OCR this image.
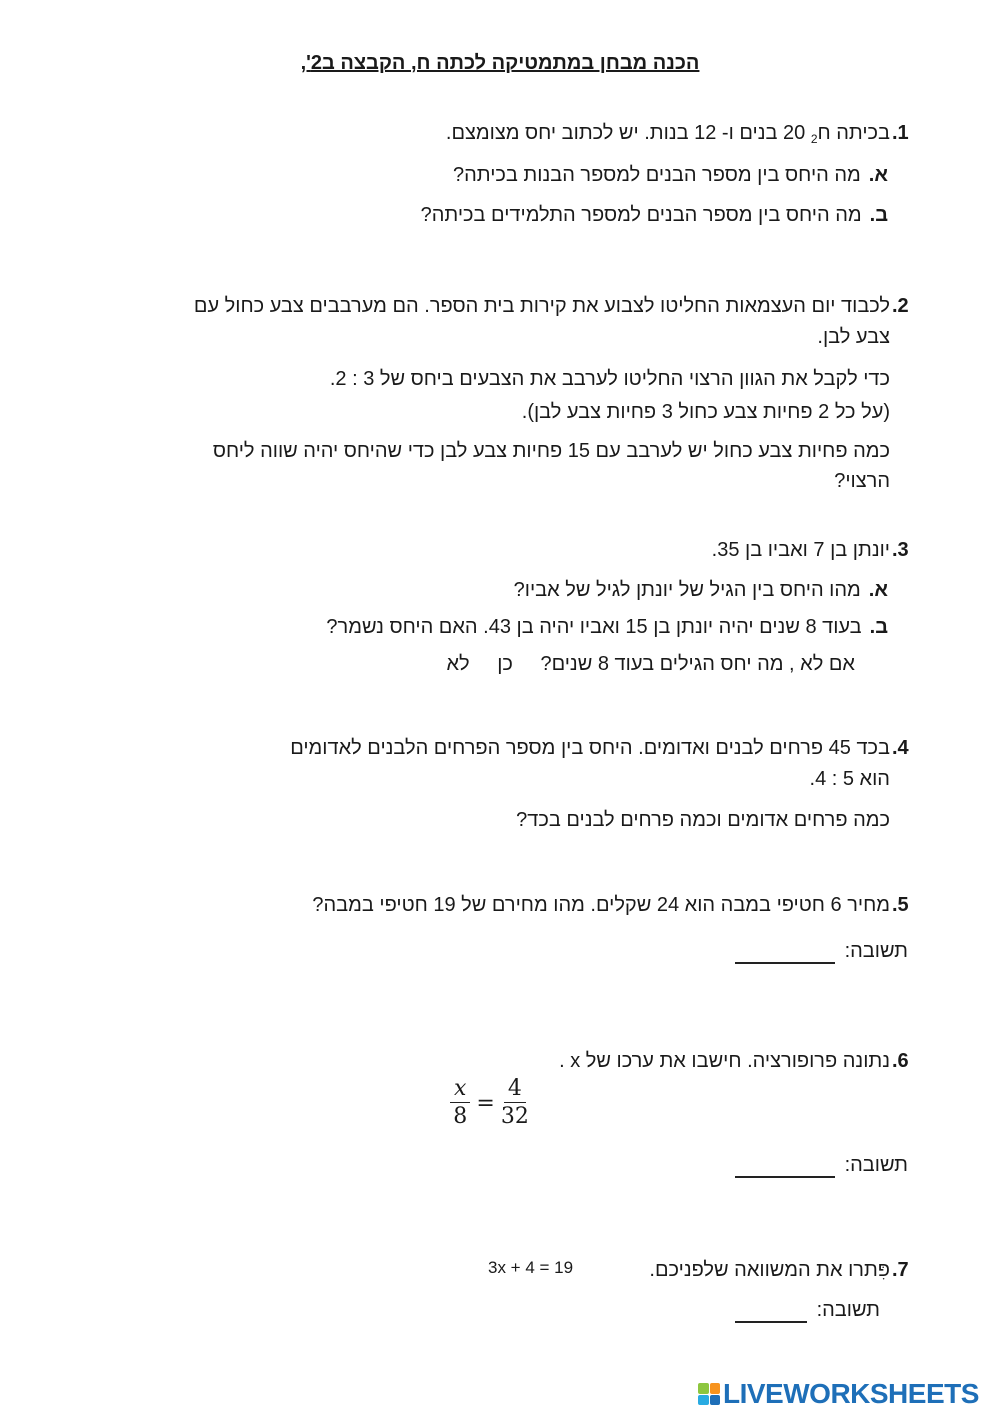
הכנה מבחן במתמטיקה לכתה ח, הקבצה ב2',
.1
בכיתה ח$_2$ 20 בנים ו- 12 בנות. יש לכתוב יחס מצומצם.
א.מה היחס בין מספר הבנים למספר הבנות בכיתה?
ב.מה היחס בין מספר הבנים למספר התלמידים בכיתה?
.2
לכבוד יום העצמאות החליטו לצבוע את קירות בית הספר. הם מערבבים צבע כחול עם
צבע לבן.
כדי לקבל את הגוון הרצוי החליטו לערבב את הצבעים ביחס של 3 : 2.
(על כל 2 פחיות צבע כחול 3 פחיות צבע לבן).
כמה פחיות צבע כחול יש לערבב עם 15 פחיות צבע לבן כדי שהיחס יהיה שווה ליחס
הרצוי?
.3
יונתן בן 7 ואביו בן 35.
א.מהו היחס בין הגיל של יונתן לגיל של אביו?
ב.בעוד 8 שנים יהיה יונתן בן 15 ואביו יהיה בן 43. האם היחס נשמר?
אם לא , מה יחס הגילים בעוד 8 שנים? כן לא
.4
בכד 45 פרחים לבנים ואדומים. היחס בין מספר הפרחים הלבנים לאדומים
הוא 5 : 4.
כמה פרחים אדומים וכמה פרחים לבנים בכד?
.5
מחיר 6 חטיפי במבה הוא 24 שקלים. מהו מחירם של 19 חטיפי במבה?
תשובה:
.6
נתונה פרופורציה. חישבו את ערכו של x .
$\frac{x}{8} = \frac{4}{32}$
תשובה:
.7
פִּתרו את המשוואה שלפניכם.
3x + 4 = 19
תשובה:
LIVEWORKSHEETS
